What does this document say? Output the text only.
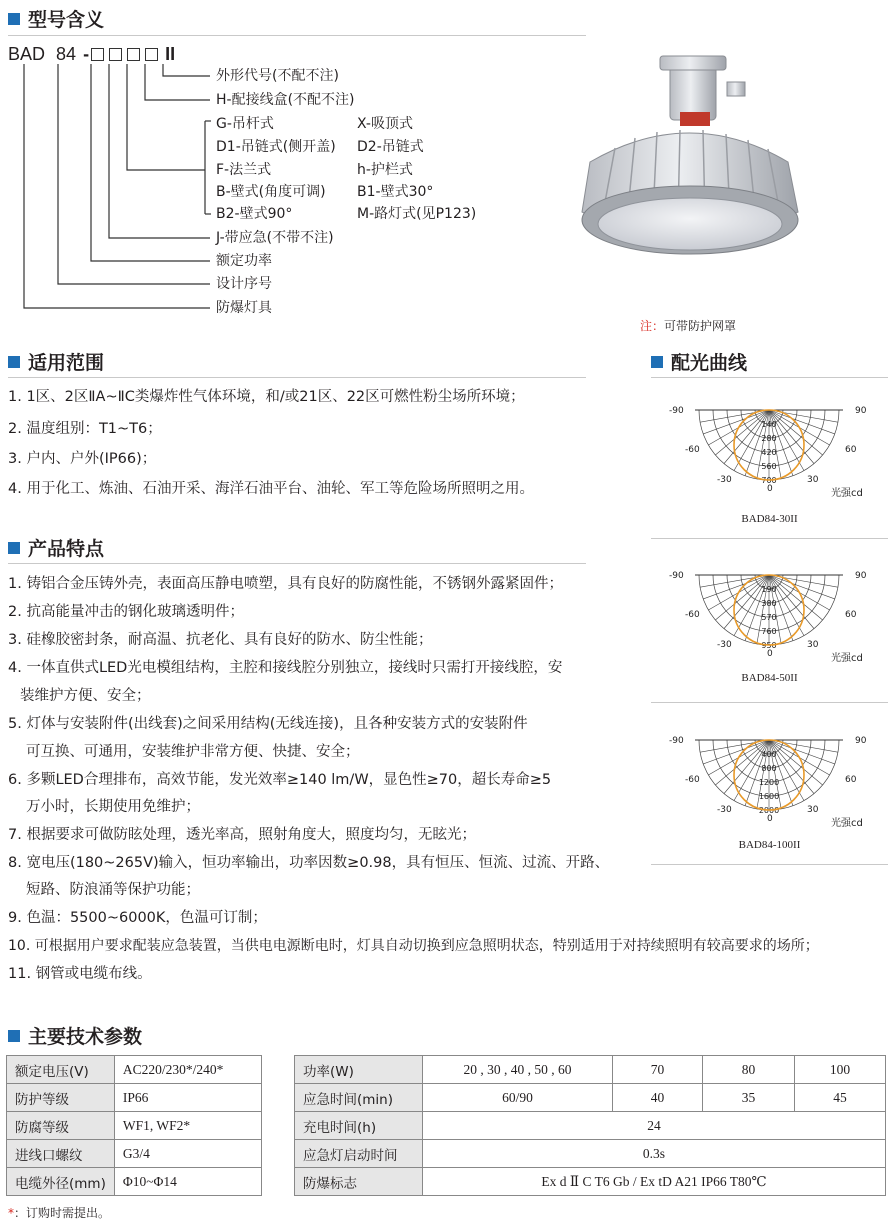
型号含义
BAD 84 -	II
外形代号(不配不注)
H-配接线盒(不配不注)
G-吊杆式	X-吸顶式
D1-吊链式(侧开盖) D2-吊链式
F-法兰式	h-护栏式
B-壁式(角度可调) B1-壁式30°
B2-壁式90°	M-路灯式(见P123)
J-带应急(不带不注)
额定功率
设计序号
防爆灯具
注：可带防护网罩
适用范围
1. 1区、2区ⅡA~ⅡC类爆炸性气体环境，和/或21区、22区可燃性粉尘场所环境；
2. 温度组别：T1~T6；
3. 户内、户外(IP66)；
4. 用于化工、炼油、石油开采、海洋石油平台、油轮、军工等危险场所照明之用。
产品特点
1. 铸铝合金压铸外壳，表面高压静电喷塑，具有良好的防腐性能，不锈钢外露紧固件；
2. 抗高能量冲击的钢化玻璃透明件；
3. 硅橡胶密封条，耐高温、抗老化、具有良好的防水、防尘性能；
4. 一体直供式LED光电模组结构，主腔和接线腔分别独立，接线时只需打开接线腔，安
装维护方便、安全；
5. 灯体与安装附件(出线套)之间采用结构(无线连接)，且各种安装方式的安装附件
可互换、可通用，安装维护非常方便、快捷、安全；
6. 多颗LED合理排布，高效节能，发光效率≥140 lm/W，显色性≥70，超长寿命≥5
万小时，长期使用免维护；
7. 根据要求可做防眩处理，透光率高，照射角度大，照度均匀，无眩光；
8. 宽电压(180~265V)输入，恒功率输出，功率因数≥0.98，具有恒压、恒流、过流、开路、
短路、防浪涌等保护功能；
9. 色温：5500~6000K，色温可订制；
10. 可根据用户要求配装应急装置，当供电电源断电时，灯具自动切换到应急照明状态，特别适用于对持续照明有较高要求的场所；
11. 钢管或电缆布线。
配光曲线
140
280
420
560
700
-90	90
-60	60
-30	30
0	光强cd
BAD84-30II
190
380
570
760
950
-90	90
-60	60
-30	30
0	光强cd
BAD84-50II
400
800
1200
1600
2000
-90	90
-60	60
-30	30
0	光强cd
BAD84-100II
主要技术参数
额定电压(V)	AC220/230*/240*
防护等级	IP66
防腐等级	WF1, WF2*
进线口螺纹	G3/4
电缆外径(mm)	Φ10~Φ14
功率(W)	20 , 30 , 40 , 50 , 60	70	80	100
应急时间(min)	60/90	40	35	45
充电时间(h)	24			
应急灯启动时间	0.3s			
防爆标志	Ex d Ⅱ C T6 Gb / Ex tD A21 IP66 T80℃			
*：订购时需提出。
